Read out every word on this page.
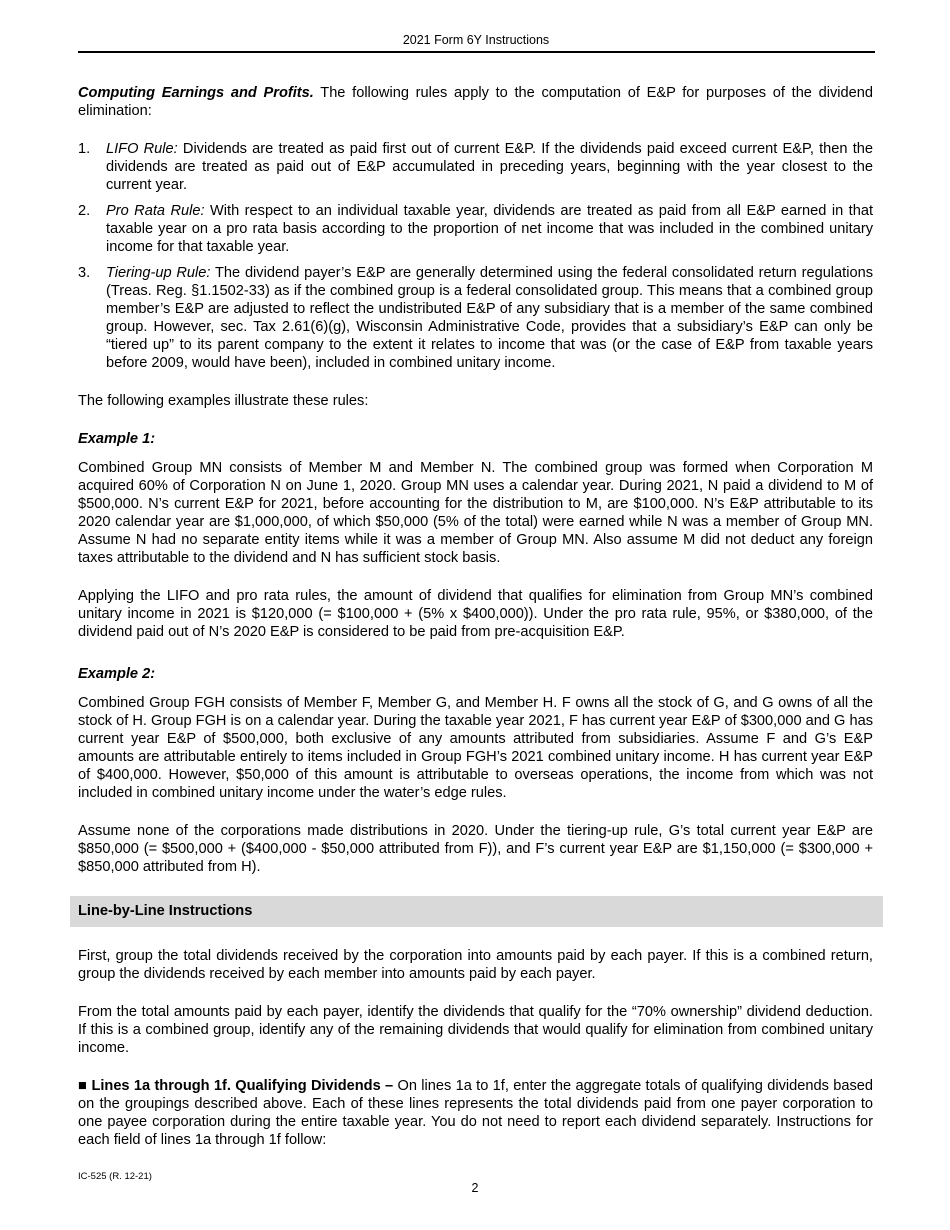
2021 Form 6Y Instructions

Computing Earnings and Profits. The following rules apply to the computation of E&P for purposes of the dividend elimination:

1. LIFO Rule: Dividends are treated as paid first out of current E&P. If the dividends paid exceed current E&P, then the dividends are treated as paid out of E&P accumulated in preceding years, beginning with the year closest to the current year.
2. Pro Rata Rule: With respect to an individual taxable year, dividends are treated as paid from all E&P earned in that taxable year on a pro rata basis according to the proportion of net income that was included in the combined unitary income for that taxable year.
3. Tiering-up Rule: The dividend payer’s E&P are generally determined using the federal consolidated return regulations (Treas. Reg. §1.1502-33) as if the combined group is a federal consolidated group. This means that a combined group member’s E&P are adjusted to reflect the undistributed E&P of any subsidiary that is a member of the same combined group. However, sec. Tax 2.61(6)(g), Wisconsin Administrative Code, provides that a subsidiary’s E&P can only be “tiered up” to its parent company to the extent it relates to income that was (or the case of E&P from taxable years before 2009, would have been), included in combined unitary income.

The following examples illustrate these rules:

Example 1:

Combined Group MN consists of Member M and Member N. The combined group was formed when Corporation M acquired 60% of Corporation N on June 1, 2020. Group MN uses a calendar year. During 2021, N paid a dividend to M of $500,000. N’s current E&P for 2021, before accounting for the distribution to M, are $100,000. N’s E&P attributable to its 2020 calendar year are $1,000,000, of which $50,000 (5% of the total) were earned while N was a member of Group MN. Assume N had no separate entity items while it was a member of Group MN. Also assume M did not deduct any foreign taxes attributable to the dividend and N has sufficient stock basis.

Applying the LIFO and pro rata rules, the amount of dividend that qualifies for elimination from Group MN’s combined unitary income in 2021 is $120,000 (= $100,000 + (5% x $400,000)). Under the pro rata rule, 95%, or $380,000, of the dividend paid out of N’s 2020 E&P is considered to be paid from pre-acquisition E&P.

Example 2:

Combined Group FGH consists of Member F, Member G, and Member H. F owns all the stock of G, and G owns of all the stock of H. Group FGH is on a calendar year. During the taxable year 2021, F has current year E&P of $300,000 and G has current year E&P of $500,000, both exclusive of any amounts attributed from subsidiaries. Assume F and G’s E&P amounts are attributable entirely to items included in Group FGH’s 2021 combined unitary income. H has current year E&P of $400,000. However, $50,000 of this amount is attributable to overseas operations, the income from which was not included in combined unitary income under the water’s edge rules.

Assume none of the corporations made distributions in 2020. Under the tiering-up rule, G’s total current year E&P are $850,000 (= $500,000 + ($400,000 - $50,000 attributed from F)), and F’s current year E&P are $1,150,000 (= $300,000 + $850,000 attributed from H).

Line-by-Line Instructions

First, group the total dividends received by the corporation into amounts paid by each payer. If this is a combined return, group the dividends received by each member into amounts paid by each payer.

From the total amounts paid by each payer, identify the dividends that qualify for the “70% ownership” dividend deduction. If this is a combined group, identify any of the remaining dividends that would qualify for elimination from combined unitary income.

■ Lines 1a through 1f. Qualifying Dividends – On lines 1a to 1f, enter the aggregate totals of qualifying dividends based on the groupings described above. Each of these lines represents the total dividends paid from one payer corporation to one payee corporation during the entire taxable year. You do not need to report each dividend separately. Instructions for each field of lines 1a through 1f follow:

IC-525 (R. 12-21)
2
